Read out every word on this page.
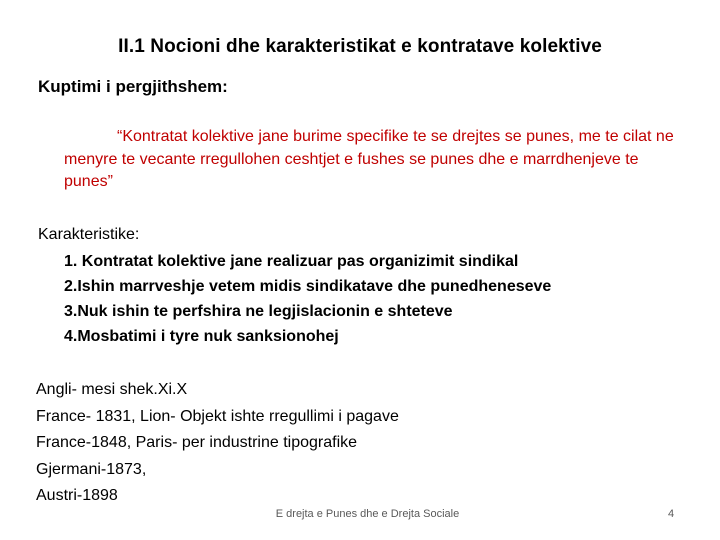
II.1 Nocioni dhe karakteristikat e kontratave kolektive
Kuptimi i pergjithshem:
“Kontratat kolektive jane burime specifike te se drejtes se punes, me te cilat ne menyre te vecante rregullohen ceshtjet e fushes se punes dhe e marrdhenjeve te punes”
Karakteristike:
1. Kontratat kolektive jane realizuar pas organizimit sindikal
2.Ishin marrveshje vetem midis sindikatave dhe punedheneseve
3.Nuk ishin te perfshira ne legjislacionin e shteteve
4.Mosbatimi i tyre nuk sanksionohej
Angli- mesi shek.Xi.X
France- 1831, Lion- Objekt ishte rregullimi i pagave
France-1848, Paris- per industrine tipografike
Gjermani-1873,
Austri-1898
E drejta e Punes dhe e Drejta Sociale	4
